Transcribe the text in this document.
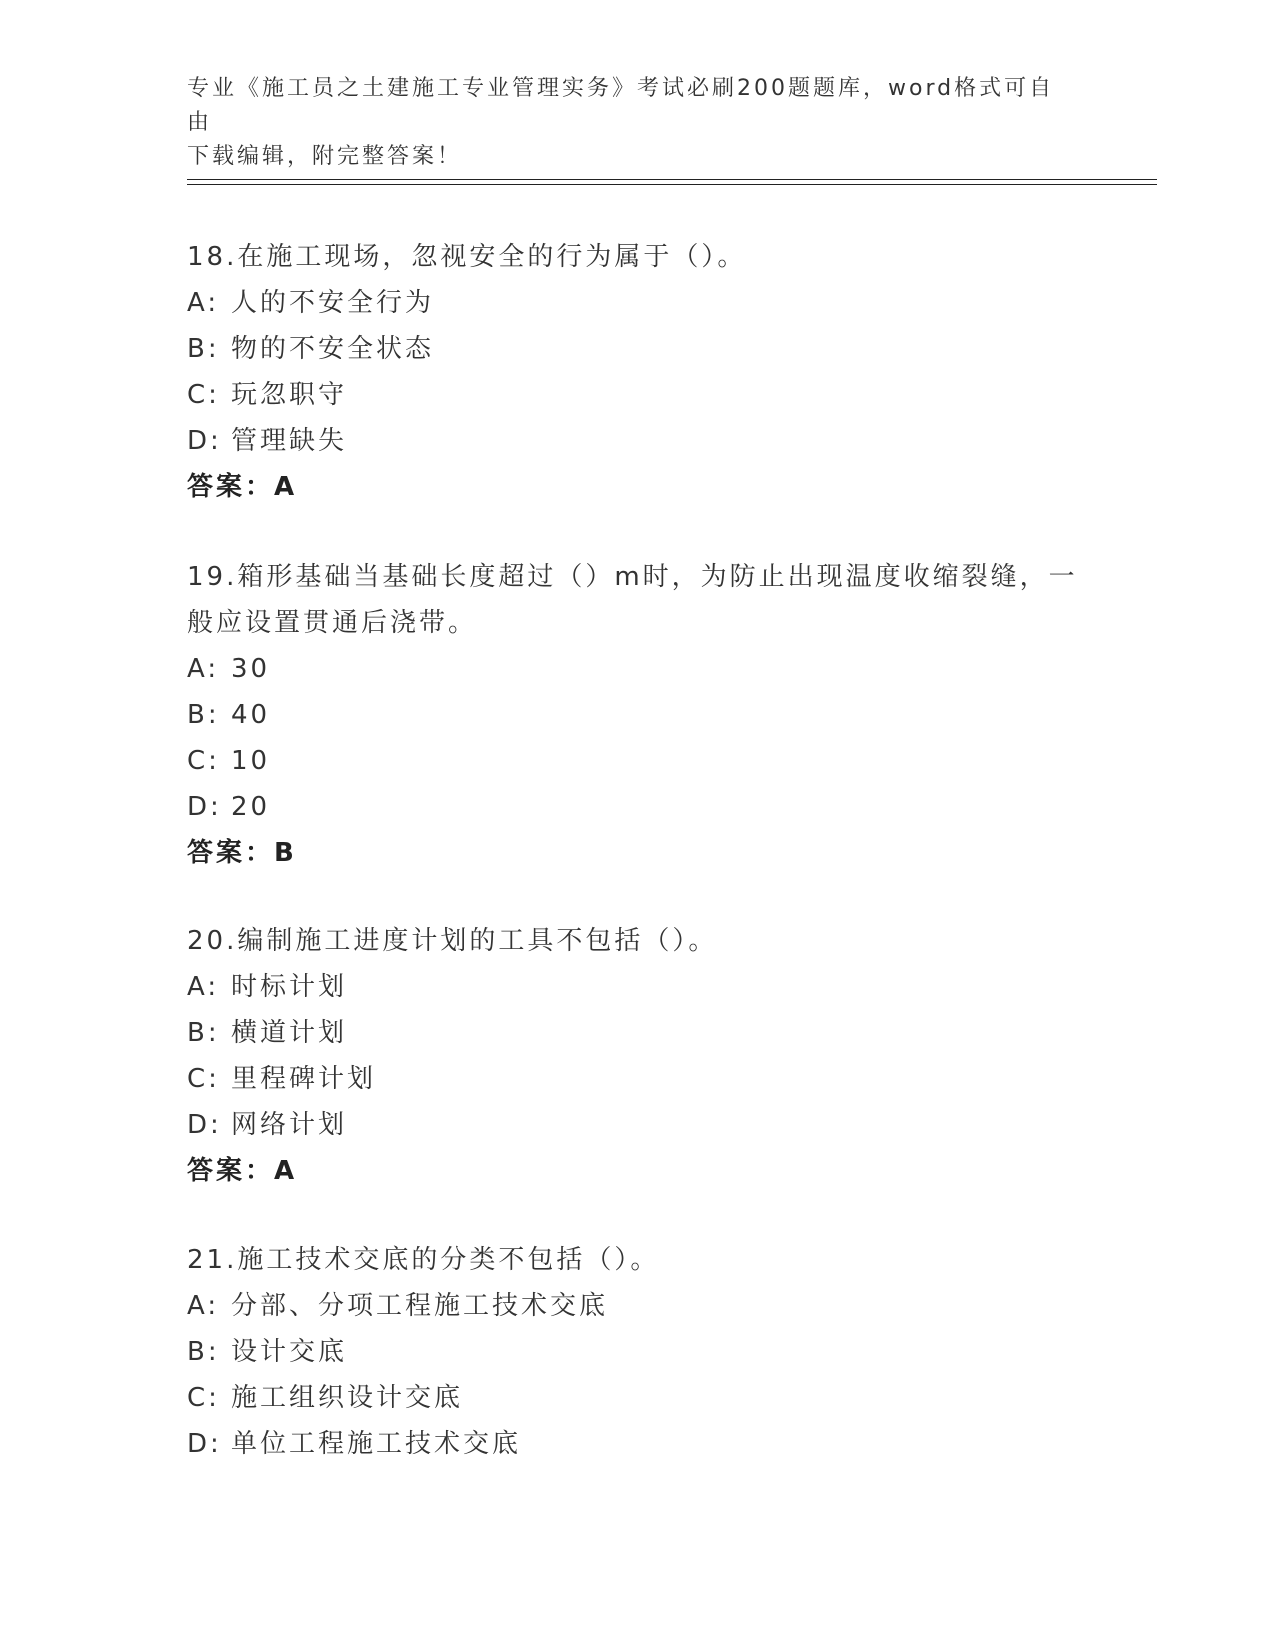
专业《施工员之土建施工专业管理实务》考试必刷200题题库，word格式可自由
下载编辑，附完整答案！
18.在施工现场，忽视安全的行为属于（）。
A: 人的不安全行为
B: 物的不安全状态
C: 玩忽职守
D: 管理缺失
答案：A
19.箱形基础当基础长度超过（）m时，为防止出现温度收缩裂缝，一般应设置贯通后浇带。
A: 30
B: 40
C: 10
D: 20
答案：B
20.编制施工进度计划的工具不包括（）。
A: 时标计划
B: 横道计划
C: 里程碑计划
D: 网络计划
答案：A
21.施工技术交底的分类不包括（）。
A: 分部、分项工程施工技术交底
B: 设计交底
C: 施工组织设计交底
D: 单位工程施工技术交底
